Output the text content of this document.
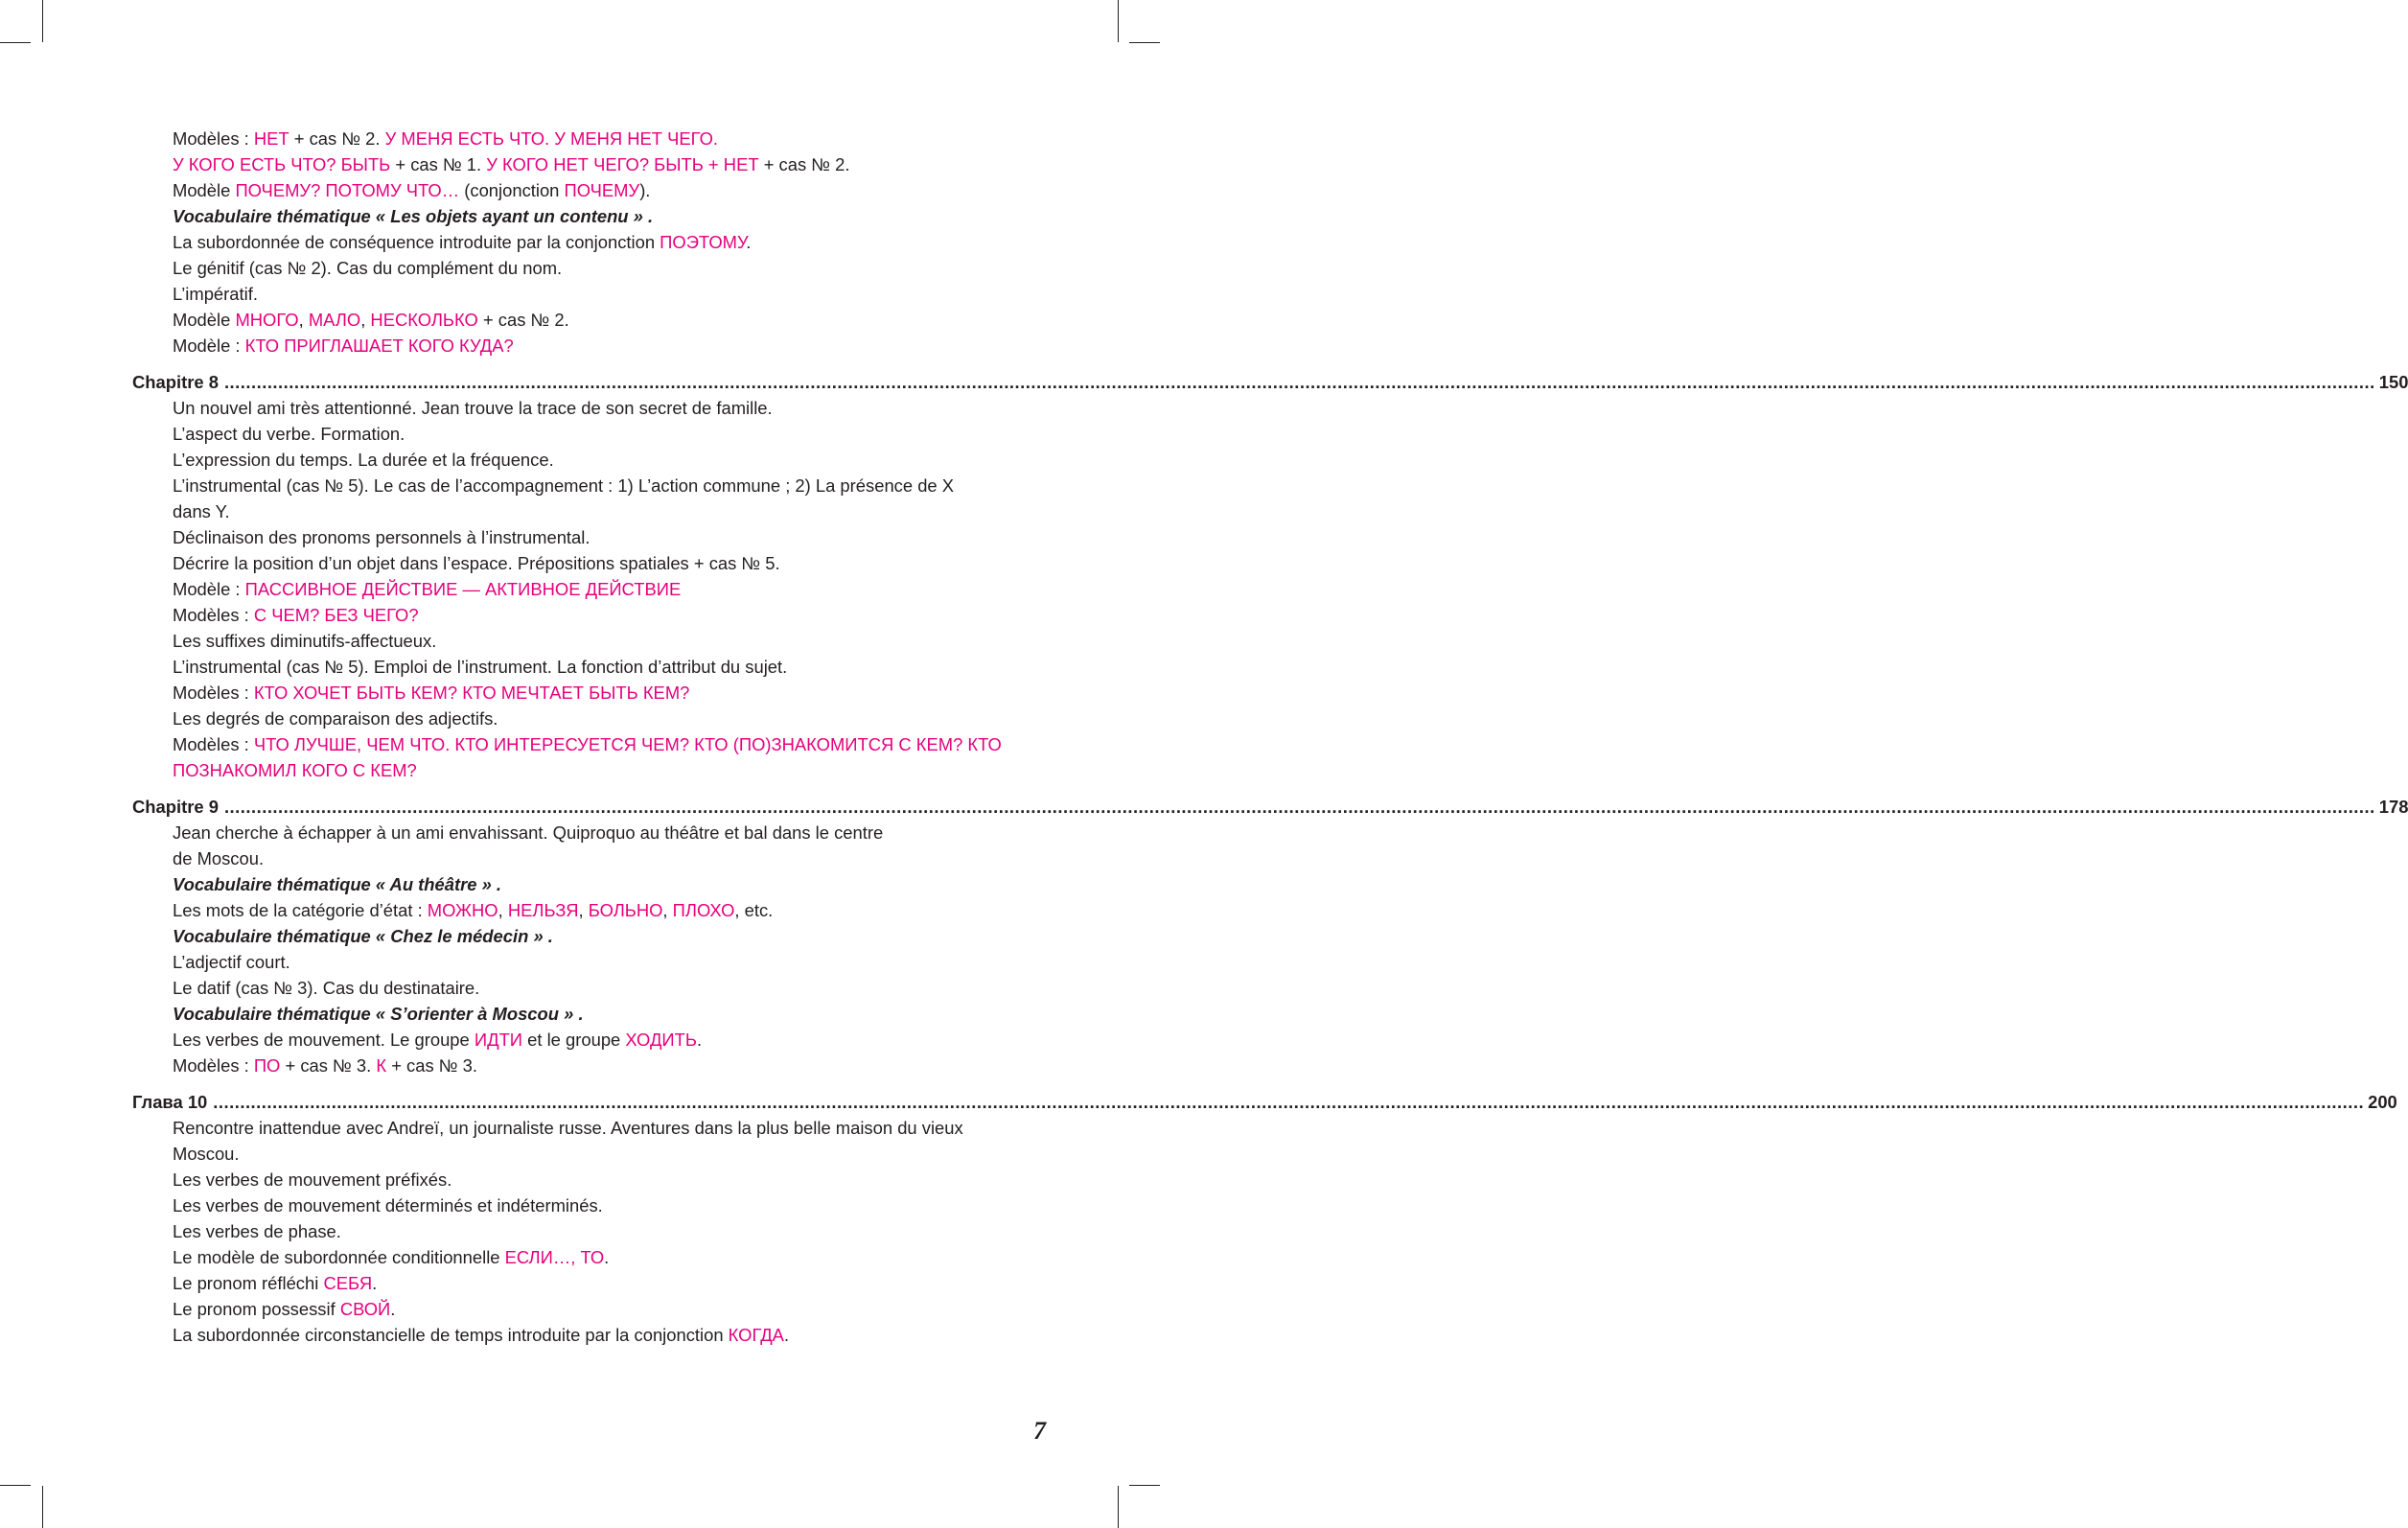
Modèles : НЕТ + cas № 2. У МЕНЯ ЕСТЬ ЧТО. У МЕНЯ НЕТ ЧЕГО.
У КОГО ЕСТЬ ЧТО? БЫТЬ + cas № 1. У КОГО НЕТ ЧЕГО? БЫТЬ + НЕТ + cas № 2.
Modèle ПОЧЕМУ? ПОТОМУ ЧТО… (conjonction ПОЧЕМУ).
Vocabulaire thématique « Les objets ayant un contenu » .
La subordonnée de conséquence introduite par la conjonction ПОЭТОМУ.
Le génitif (cas № 2). Cas du complément du nom.
L’impératif.
Modèle МНОГО, МАЛО, НЕСКОЛЬКО + cas № 2.
Modèle : КТО ПРИГЛАШАЕТ КОГО КУДА?
Chapitre 8 ................................................................................................................................................................................................................................................................................................................................................................................................................ 150
Un nouvel ami très attentionné. Jean trouve la trace de son secret de famille.
L’aspect du verbe. Formation.
L’expression du temps. La durée et la fréquence.
L’instrumental (cas № 5). Le cas de l’accompagnement : 1) L’action commune ; 2) La présence de X
dans Y.
Déclinaison des pronoms personnels à l’instrumental.
Décrire la position d’un objet dans l’espace. Prépositions spatiales + cas № 5.
Modèle : ПАССИВНОЕ ДЕЙСТВИЕ — АКТИВНОЕ ДЕЙСТВИЕ
Modèles : С ЧЕМ? БЕЗ ЧЕГО?
Les suffixes diminutifs-affectueux.
L’instrumental (cas № 5). Emploi de l’instrument. La fonction d’attribut du sujet.
Modèles : КТО ХОЧЕТ БЫТЬ КЕМ? КТО МЕЧТАЕТ БЫТЬ КЕМ?
Les degrés de comparaison des adjectifs.
Modèles : ЧТО ЛУЧШЕ, ЧЕМ ЧТО. КТО ИНТЕРЕСУЕТСЯ ЧЕМ? КТО (ПО)ЗНАКОМИТСЯ С КЕМ? КТО
ПОЗНАКОМИЛ КОГО С КЕМ?
Chapitre 9 ................................................................................................................................................................................................................................................................................................................................................................................................................ 178
Jean cherche à échapper à un ami envahissant. Quiproquo au théâtre et bal dans le centre
de Moscou.
Vocabulaire thématique « Au théâtre » .
Les mots de la catégorie d’état : МОЖНО, НЕЛЬЗЯ, БОЛЬНО, ПЛОХО, etc.
Vocabulaire thématique « Chez le médecin » .
L’adjectif court.
Le datif (cas № 3). Cas du destinataire.
Vocabulaire thématique « S’orienter à Moscou » .
Les verbes de mouvement. Le groupe ИДТИ et le groupe ХОДИТЬ.
Modèles : ПО + cas № 3. К + cas № 3.
Глава 10 ................................................................................................................................................................................................................................................................................................................................................................................................................ 200
Rencontre inattendue avec Andreï, un journaliste russe. Aventures dans la plus belle maison du vieux
Moscou.
Les verbes de mouvement préfixés.
Les verbes de mouvement déterminés et indéterminés.
Les verbes de phase.
Le modèle de subordonnée conditionnelle ЕСЛИ…, ТО.
Le pronom réfléchi СЕБЯ.
Le pronom possessif СВОЙ.
La subordonnée circonstancielle de temps introduite par la conjonction КОГДА.
7
